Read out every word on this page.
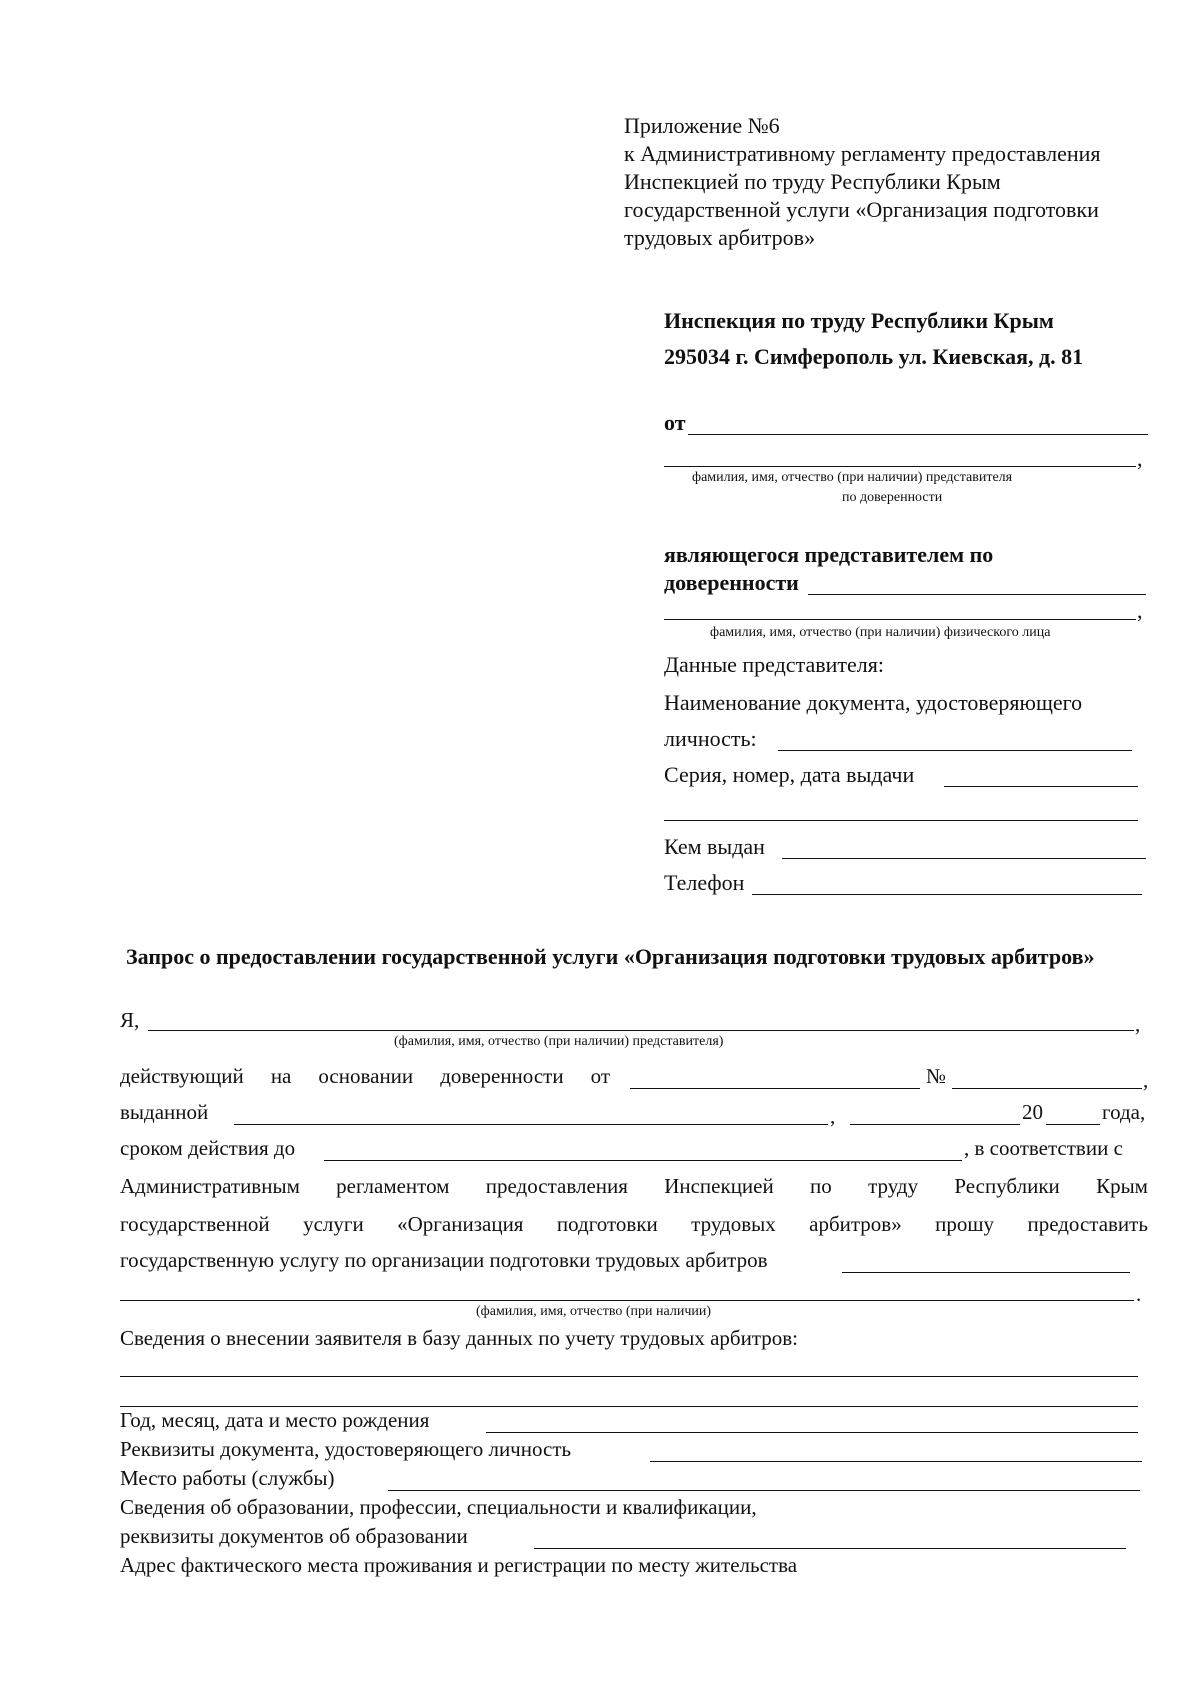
Приложение №6
к Административному регламенту предоставления
Инспекцией по труду Республики Крым
государственной услуги «Организация подготовки
трудовых арбитров»
Инспекция по труду Республики Крым
295034 г. Симферополь ул. Киевская, д. 81
от
,
фамилия, имя, отчество (при наличии) представителя
по доверенности
являющегося представителем по
доверенности
,
фамилия, имя, отчество (при наличии) физического лица
Данные представителя:
Наименование документа, удостоверяющего
личность:
Серия, номер, дата выдачи
Кем выдан
Телефон
Запрос о предоставлении государственной услуги «Организация подготовки трудовых арбитров»
Я,	,
(фамилия, имя, отчество (при наличии) представителя)
действующий на основании доверенности от	№	,
выданной	,	20	года,
сроком действия до	, в соответствии с
Административным регламентом предоставления Инспекцией по труду Республики Крым
государственной услуги «Организация подготовки трудовых арбитров» прошу предоставить
государственную услугу по организации подготовки трудовых арбитров
.
(фамилия, имя, отчество (при наличии)
Сведения о внесении заявителя в базу данных по учету трудовых арбитров:
Год, месяц, дата и место рождения
Реквизиты документа, удостоверяющего личность
Место работы (службы)
Сведения об образовании, профессии, специальности и квалификации,
реквизиты документов об образовании
Адрес фактического места проживания и регистрации по месту жительства
